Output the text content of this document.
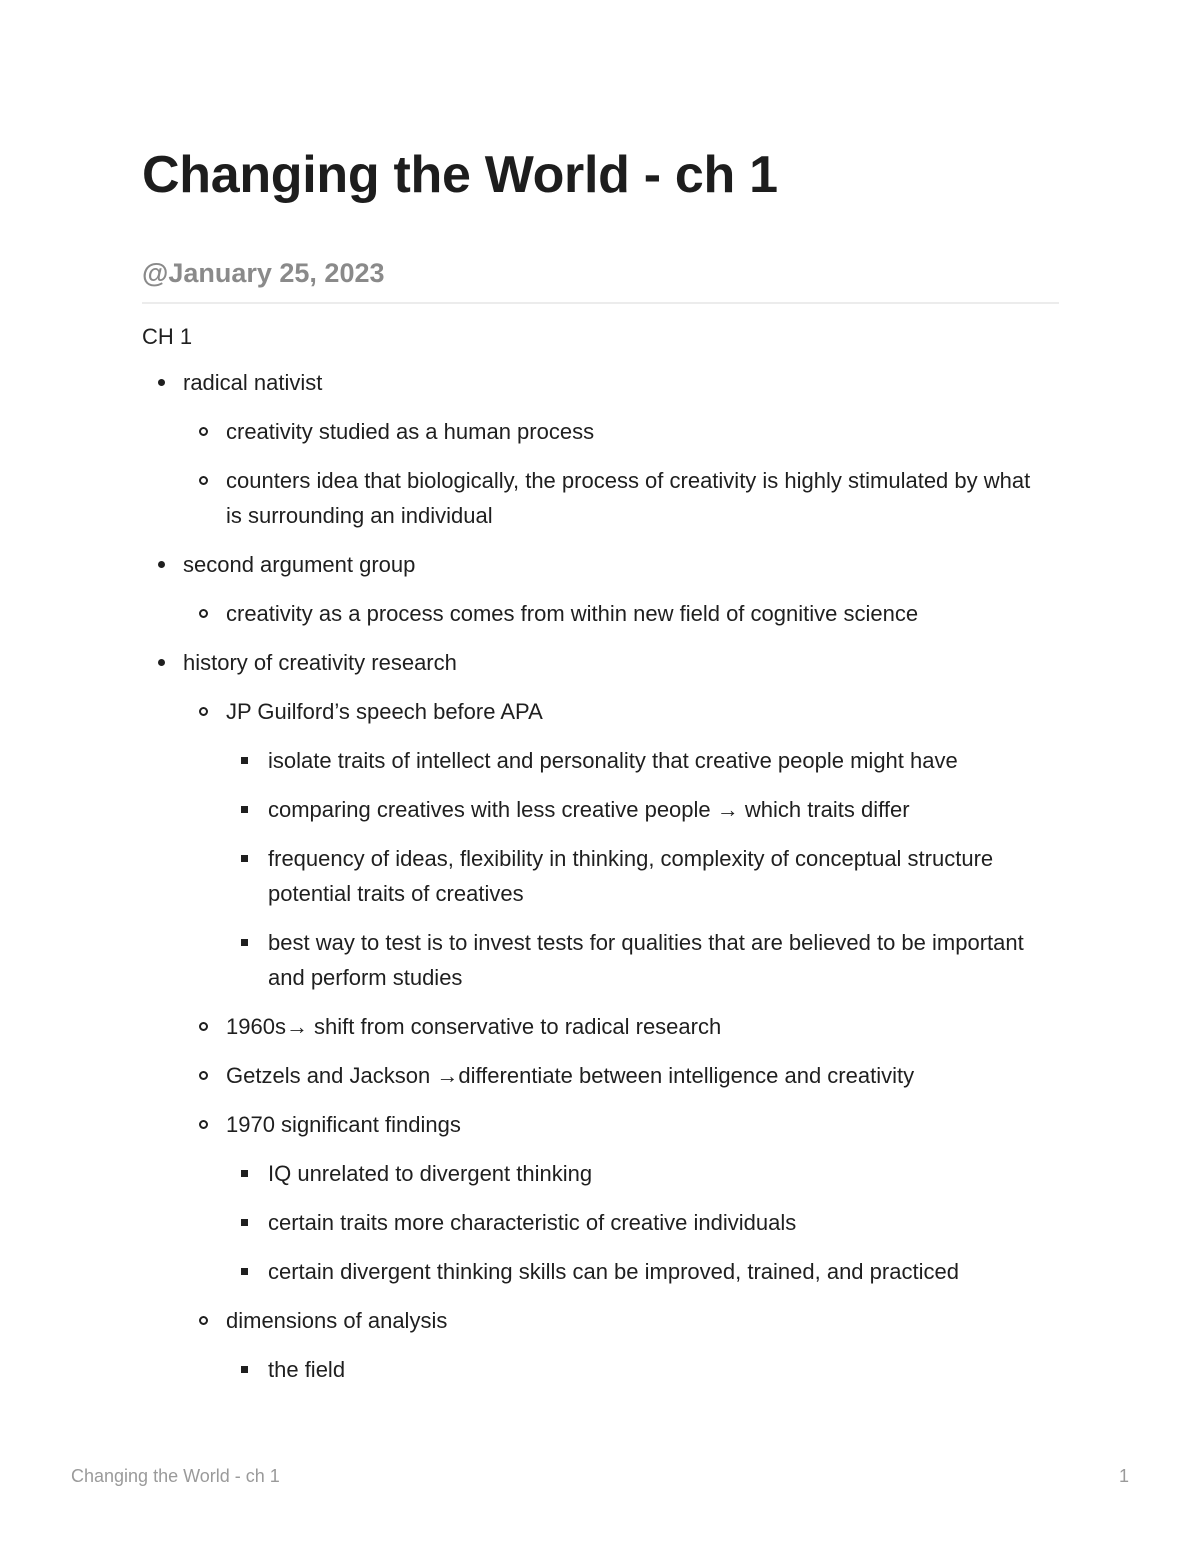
Changing the World - ch 1
@January 25, 2023
CH 1
radical nativist
creativity studied as a human process
counters idea that biologically, the process of creativity is highly stimulated by what is surrounding an individual
second argument group
creativity as a process comes from within new field of cognitive science
history of creativity research
JP Guilford’s speech before APA
isolate traits of intellect and personality that creative people might have
comparing creatives with less creative people → which traits differ
frequency of ideas, flexibility in thinking, complexity of conceptual structure potential traits of creatives
best way to test is to invest tests for qualities that are believed to be important and perform studies
1960s→ shift from conservative to radical research
Getzels and Jackson →differentiate between intelligence and creativity
1970 significant findings
IQ unrelated to divergent thinking
certain traits more characteristic of creative individuals
certain divergent thinking skills can be improved, trained, and practiced
dimensions of analysis
the field
Changing the World - ch 1	1
